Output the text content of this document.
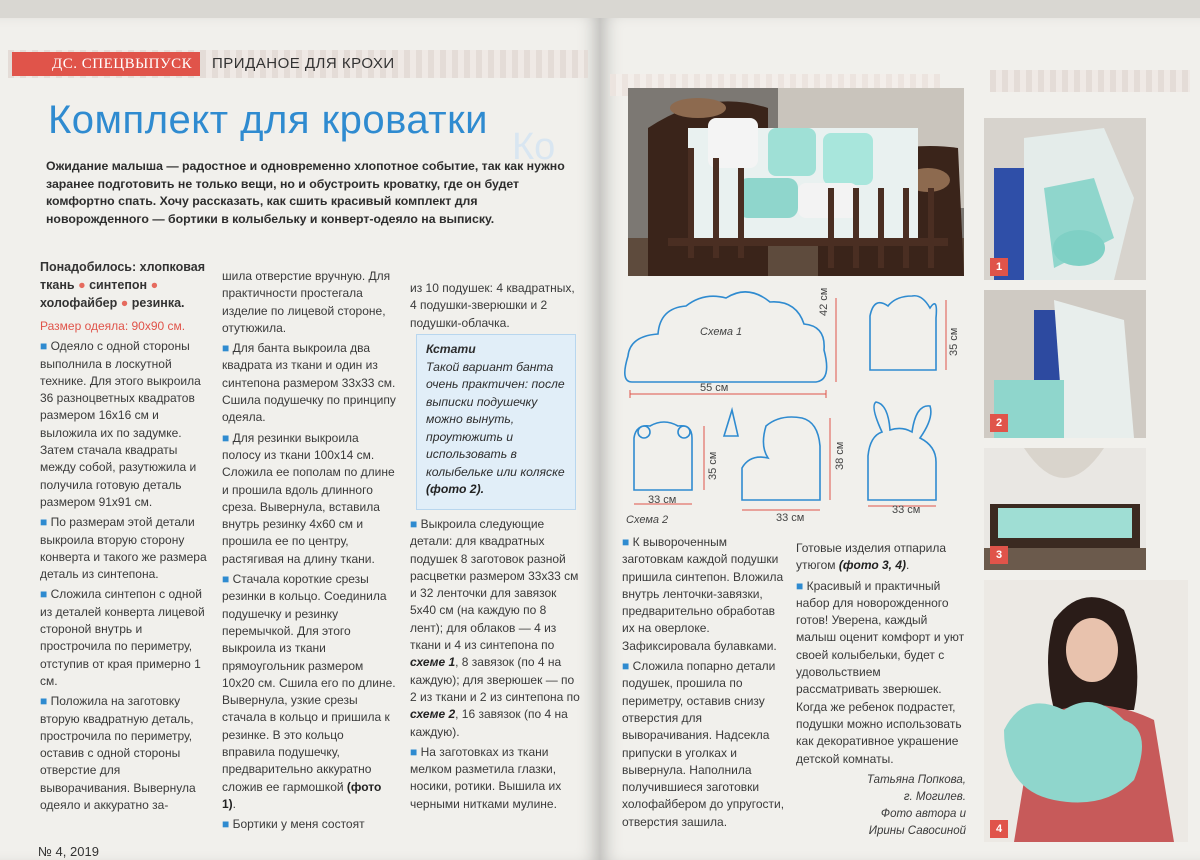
ДС. СПЕЦВЫПУСК	ПРИДАНОЕ ДЛЯ КРОХИ
Комплект для кроватки
Ко
Ожидание малыша — радостное и одновременно хлопотное событие, так как нужно заранее подготовить не только вещи, но и обустроить кроватку, где он будет комфортно спать. Хочу рассказать, как сшить красивый комплект для новорожденного — бортики в колыбельку и конверт-одеяло на выписку.

Понадобилось: хлопковая ткань ● синтепон ● холофайбер ● резинка.

Размер одеяла: 90х90 см.

■ Одеяло с одной стороны выполнила в лоскутной технике. Для этого выкроила 36 разноцветных квадратов размером 16х16 см и выложила их по задумке. Затем стачала квадраты между собой, разутюжила и получила готовую деталь размером 91х91 см.

■ По размерам этой детали выкроила вторую сторону конверта и такого же размера деталь из синтепона.

■ Сложила синтепон с одной из деталей конверта лицевой стороной внутрь и прострочила по периметру, отступив от края примерно 1 см.

■ Положила на заготовку вторую квадратную деталь, прострочила по периметру, оставив с одной стороны отверстие для выворачивания. Вывернула одеяло и аккуратно за-

шила отверстие вручную. Для практичности простегала изделие по лицевой стороне, отутюжила.

■ Для банта выкроила два квадрата из ткани и один из синтепона размером 33х33 см. Сшила подушечку по принципу одеяла.

■ Для резинки выкроила полосу из ткани 100х14 см. Сложила ее пополам по длине и прошила вдоль длинного среза. Вывернула, вставила внутрь резинку 4х60 см и прошила ее по центру, растягивая на длину ткани.

■ Стачала короткие срезы резинки в кольцо. Соединила подушечку и резинку перемычкой. Для этого выкроила из ткани прямоугольник размером 10х20 см. Сшила его по длине. Вывернула, узкие срезы стачала в кольцо и пришила к резинке. В это кольцо вправила подушечку, предварительно аккуратно сложив ее гармошкой (фото 1).

■ Бортики у меня состоят

из 10 подушек: 4 квадратных, 4 подушки-зверюшки и 2 подушки-облачка.

Кстати
Такой вариант банта очень практичен: после выписки подушечку можно вынуть, проутюжить и использовать в колыбельке или коляске (фото 2).

■ Выкроила следующие детали: для квадратных подушек 8 заготовок разной расцветки размером 33х33 см и 32 ленточки для завязок 5х40 см (на каждую по 8 лент); для облаков — 4 из ткани и 4 из синтепона по схеме 1, 8 завязок (по 4 на каждую); для зверюшек — по 2 из ткани и 2 из синтепона по схеме 2, 16 завязок (по 4 на каждую).

■ На заготовках из ткани мелком разметила глазки, носики, ротики. Вышила их черными нитками мулине.

№ 4, 2019
Схема 1
55 см
42 см
35 см
35 см
33 см
38 см
33 см
33 см
Схема 2

■ К вывороченным заготовкам каждой подушки пришила синтепон. Вложила внутрь ленточки-завязки, предварительно обработав их на оверлоке. Зафиксировала булавками.

■ Сложила попарно детали подушек, прошила по периметру, оставив снизу отверстия для выворачивания. Надсекла припуски в уголках и вывернула. Наполнила получившиеся заготовки холофайбером до упругости, отверстия зашила.

Готовые изделия отпарила утюгом (фото 3, 4).

■ Красивый и практичный набор для новорожденного готов! Уверена, каждый малыш оценит комфорт и уют своей колыбельки, будет с удовольствием рассматривать зверюшек. Когда же ребенок подрастет, подушки можно использовать как декоративное украшение детской комнаты.

Татьяна Попкова,
г. Могилев.
Фото автора и
Ирины Савосиной
1
2
3
4
